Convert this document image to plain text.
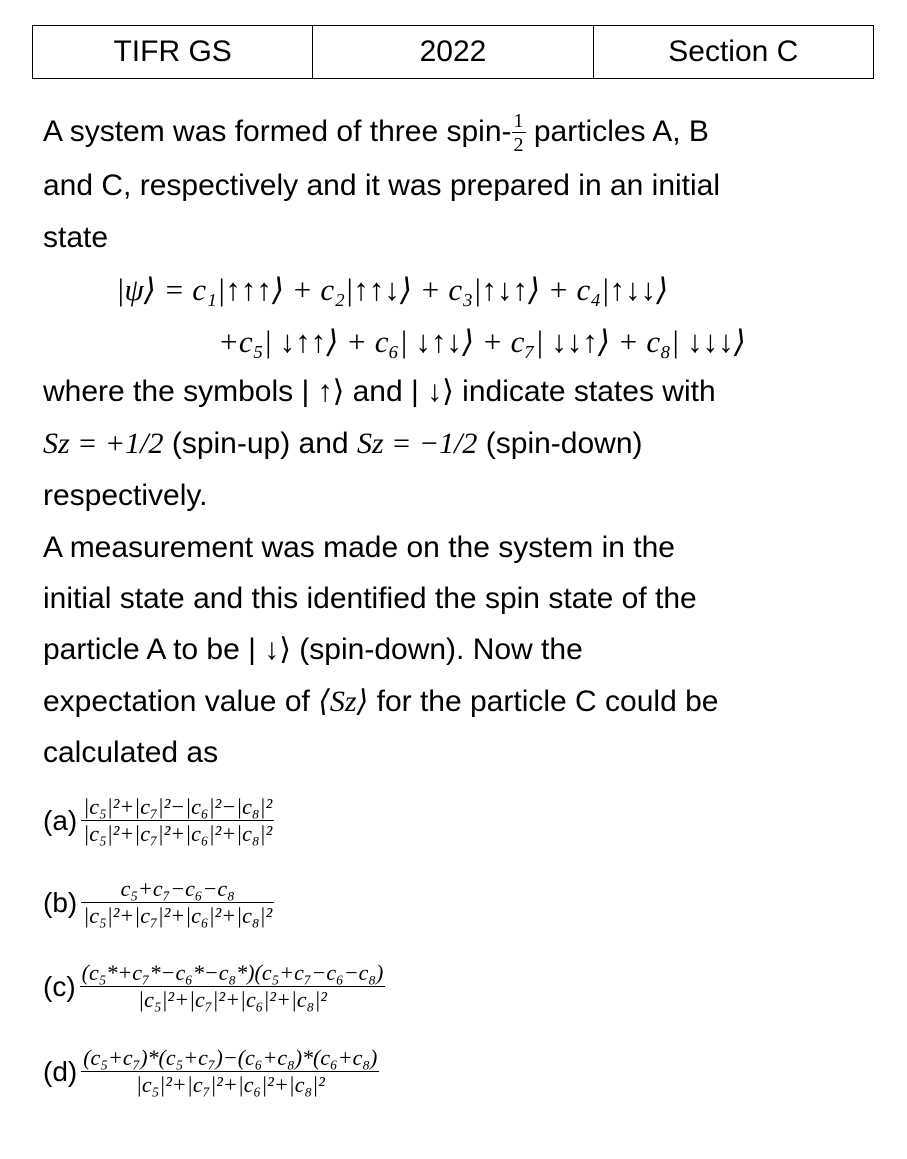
TIFR GS	2022	Section C
A system was formed of three spin- $\frac{1}{2}$ particles A, B
and C, respectively and it was prepared in an initial
state
|ψ⟩ = c₁|↑↑↑⟩ + c₂|↑↑↓⟩ + c₃|↑↓↑⟩ + c₄|↑↓↓⟩
+c₅| ↓↑↑⟩ + c₆| ↓↑↓⟩ + c₇| ↓↓↑⟩ + c₈| ↓↓↓⟩
where the symbols | ↑⟩ and | ↓⟩ indicate states with
Sz = +1/2 (spin-up) and Sz = −1/2 (spin-down)
respectively.
A measurement was made on the system in the
initial state and this identified the spin state of the
particle A to be | ↓⟩ (spin-down). Now the
expectation value of ⟨Sz⟩ for the particle C could be
calculated as
$(a) \frac{\text{|c₅|²+|c₇|²−|c₆|²−|c₈|²}}{\text{|c₅|²+|c₇|²+|c₆|²+|c₈|²}}$
$(b) \frac{\text{c₅+c₇−c₆−c₈}}{\text{|c₅|²+|c₇|²+|c₆|²+|c₈|²}}$
$(c) \frac{\text{(c₅*+c₇*−c₆*−c₈*)(c₅+c₇−c₆−c₈)}}{\text{|c₅|²+|c₇|²+|c₆|²+|c₈|²}}$
$(d) \frac{\text{(c₅+c₇)*(c₅+c₇)−(c₆+c₈)*(c₆+c₈)}}{\text{|c₅|²+|c₇|²+|c₆|²+|c₈|²}}$
